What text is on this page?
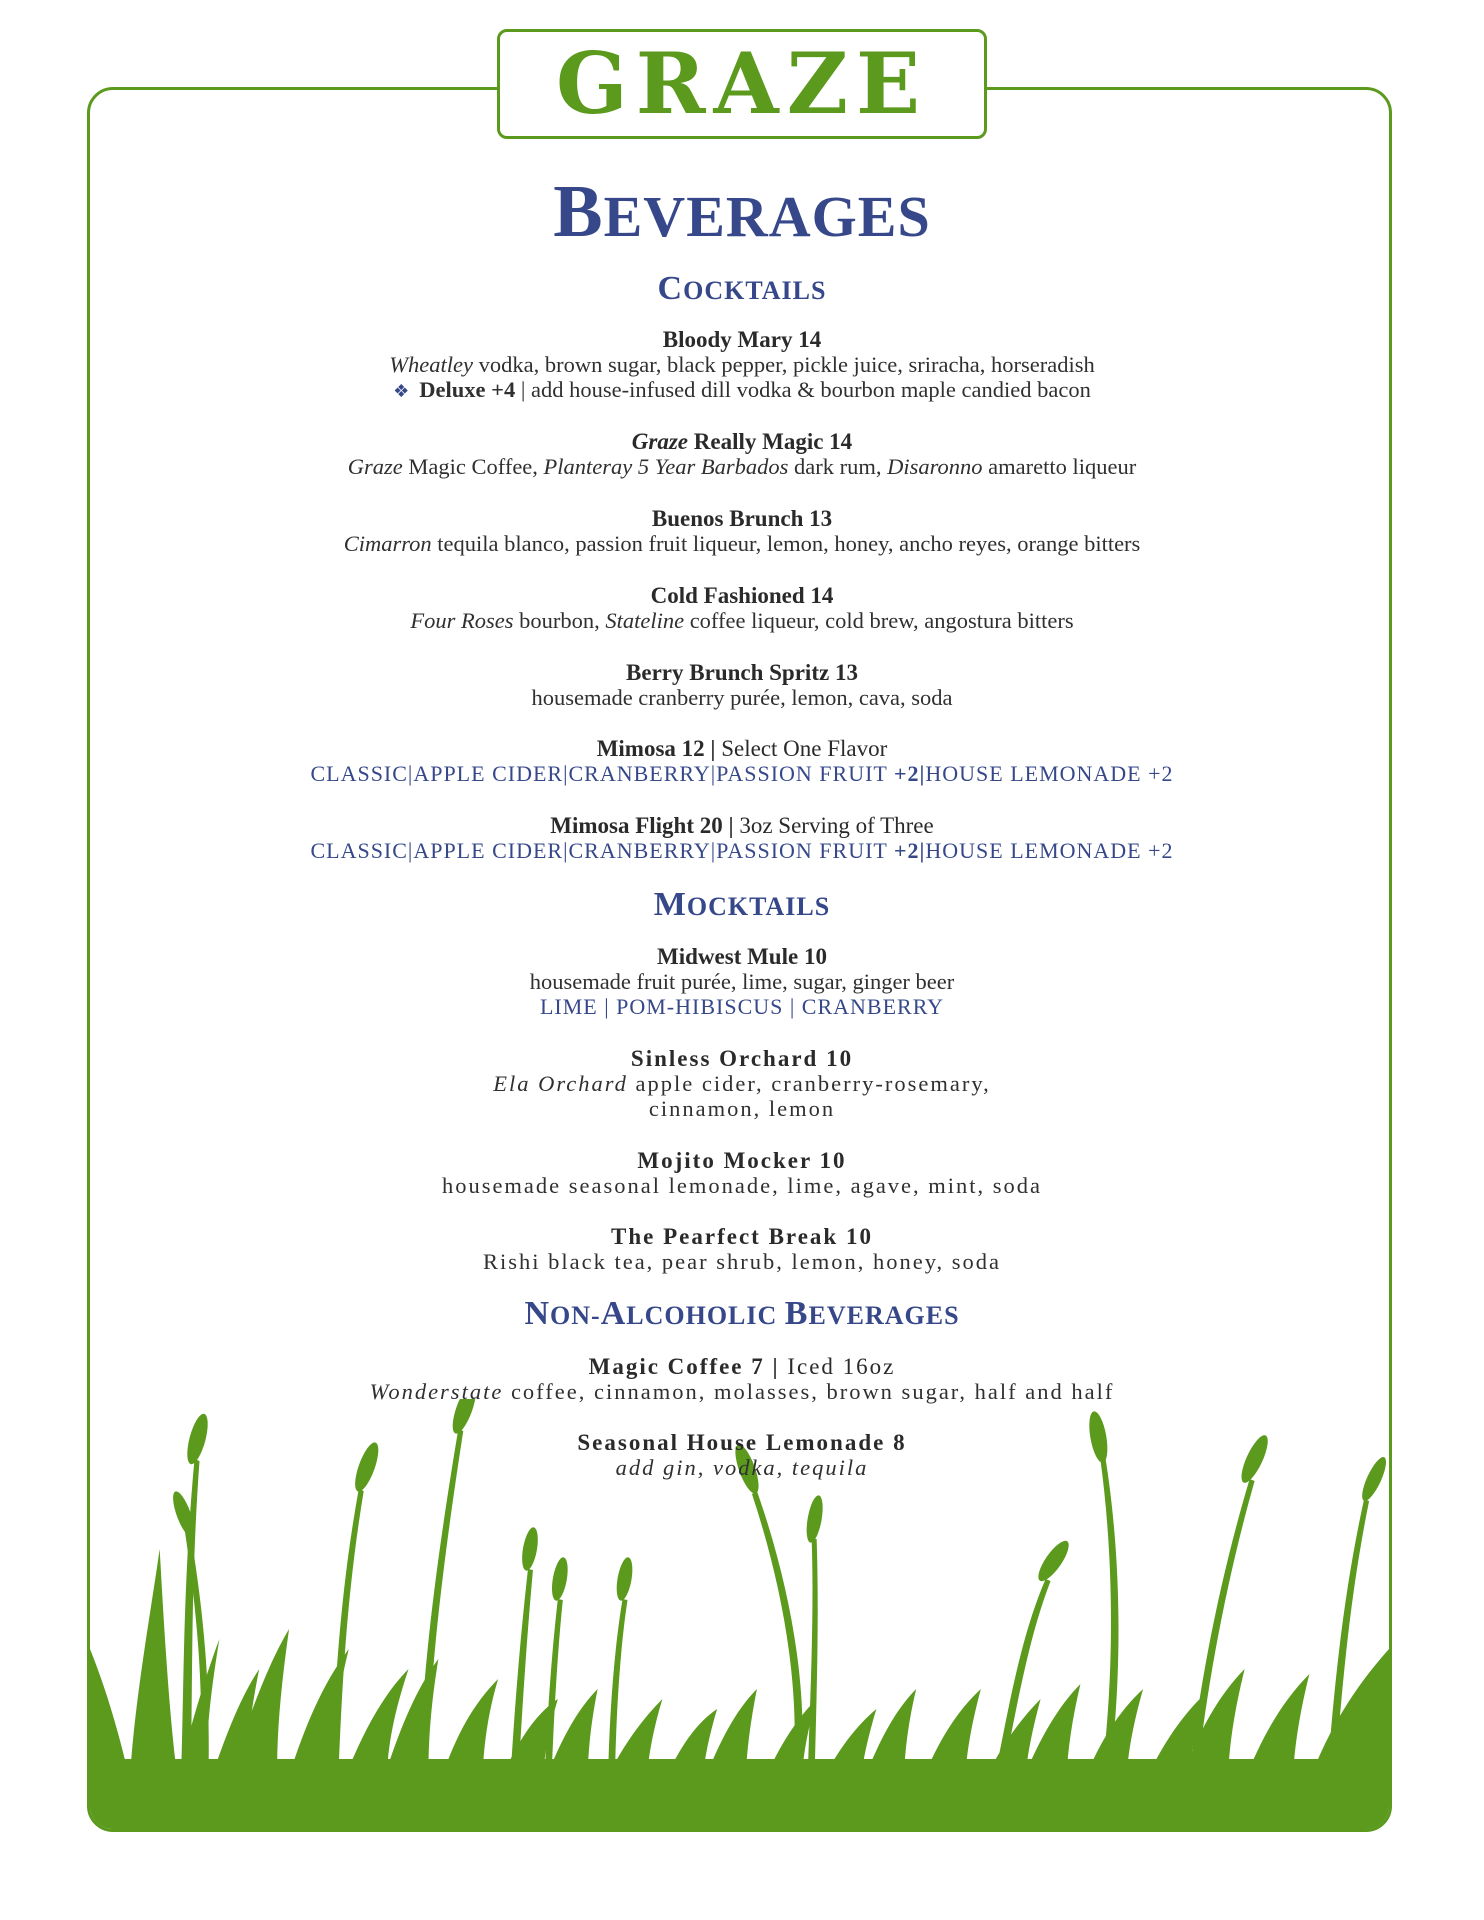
GRAZE
BEVERAGES
COCKTAILS
Bloody Mary 14
Wheatley vodka, brown sugar, black pepper, pickle juice, sriracha, horseradish
❖ Deluxe +4 | add house-infused dill vodka & bourbon maple candied bacon
Graze Really Magic 14
Graze Magic Coffee, Planteray 5 Year Barbados dark rum, Disaronno amaretto liqueur
Buenos Brunch 13
Cimarron tequila blanco, passion fruit liqueur, lemon, honey, ancho reyes, orange bitters
Cold Fashioned 14
Four Roses bourbon, Stateline coffee liqueur, cold brew, angostura bitters
Berry Brunch Spritz 13
housemade cranberry purée, lemon, cava, soda
Mimosa 12 | Select One Flavor
CLASSIC|APPLE CIDER|CRANBERRY|PASSION FRUIT +2|HOUSE LEMONADE +2
Mimosa Flight 20 | 3oz Serving of Three
CLASSIC|APPLE CIDER|CRANBERRY|PASSION FRUIT +2|HOUSE LEMONADE +2
MOCKTAILS
Midwest Mule 10
housemade fruit purée, lime, sugar, ginger beer
LIME | POM-HIBISCUS | CRANBERRY
Sinless Orchard 10
Ela Orchard apple cider, cranberry-rosemary,
cinnamon, lemon
Mojito Mocker 10
housemade seasonal lemonade, lime, agave, mint, soda
The Pearfect Break 10
Rishi black tea, pear shrub, lemon, honey, soda
NON-ALCOHOLIC BEVERAGES
Magic Coffee 7 | Iced 16oz
Wonderstate coffee, cinnamon, molasses, brown sugar, half and half
Seasonal House Lemonade 8
add gin, vodka, tequila
